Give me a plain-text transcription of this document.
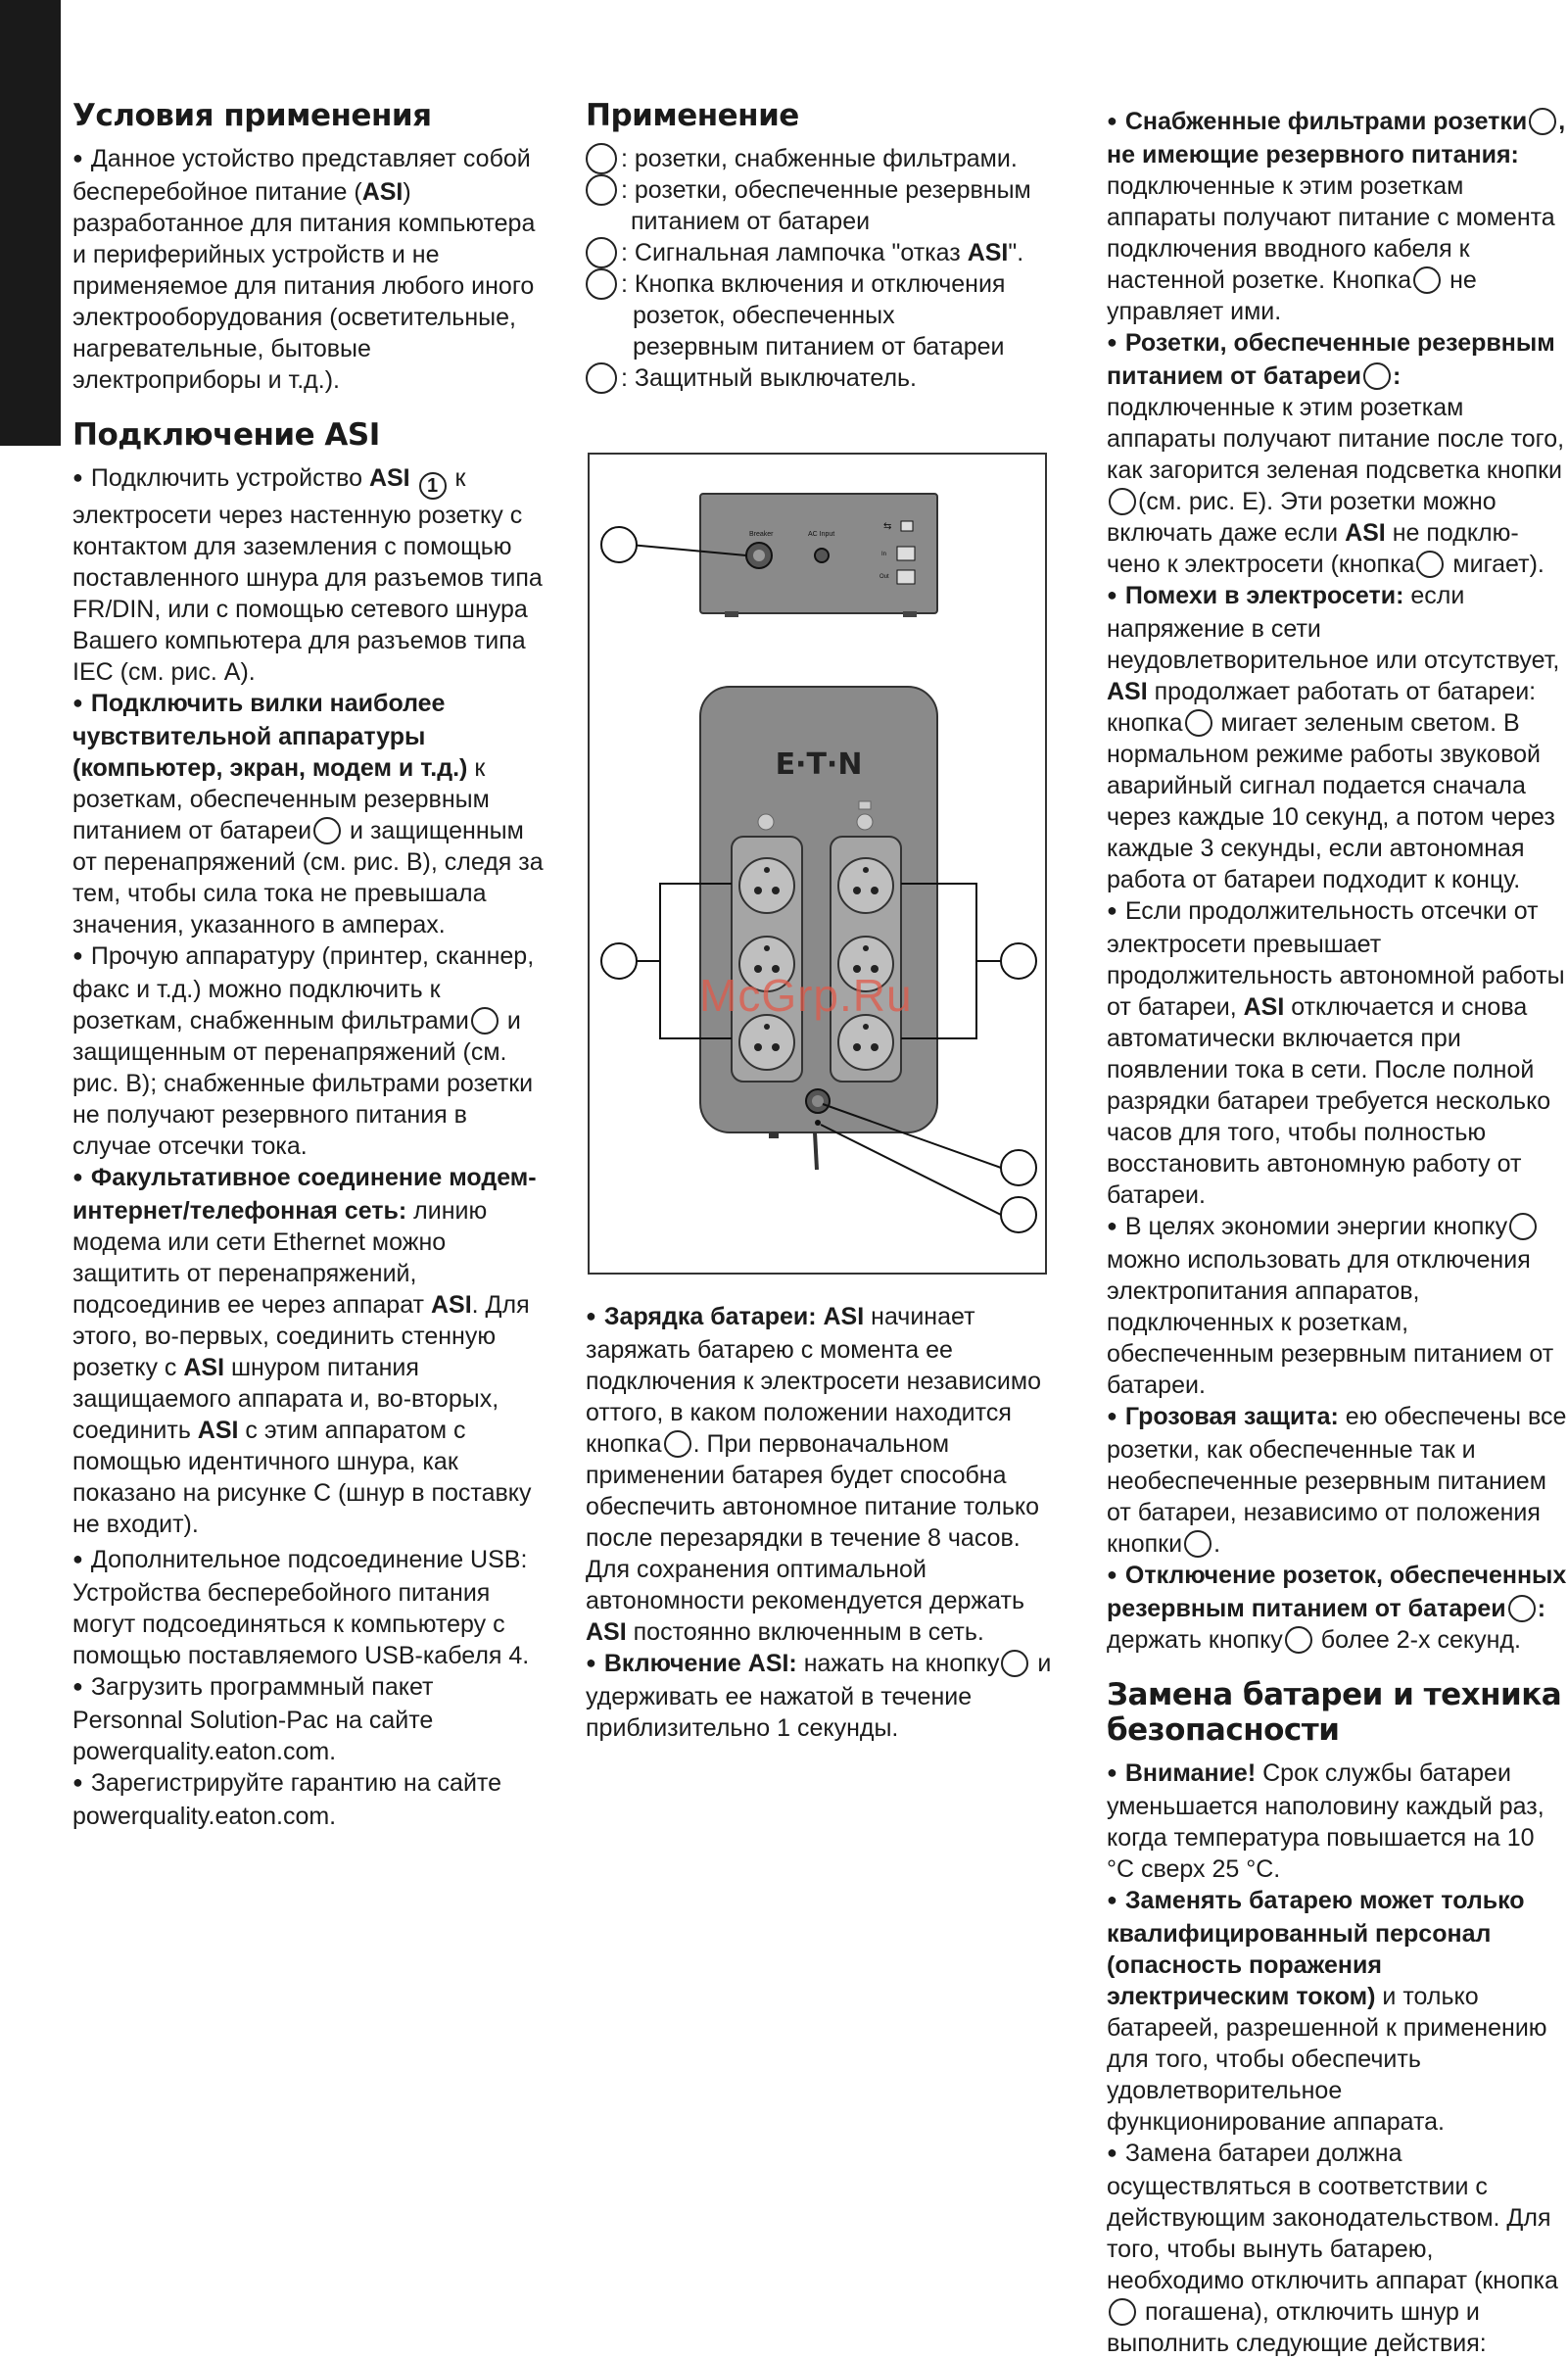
Условия применения

● Данное устойство представляет собой бесперебойное питание (ASI) разработанное для питания компьютера и периферийных устройств и не применяемое для питания любого иного электрооборудования (осветительные, нагревательные, бытовые электроприборы и т.д.).

Подключение ASI

● Подключить устройство ASI 1 к электросети через настенную розетку с контактом для заземления с помощью поставленного шнура для разъемов типа FR/DIN, или с помощью сетевого шнура Вашего компьютера для разъемов типа IEC (см. рис. А).

● Подключить вилки наиболее чувствительной аппаратуры (компьютер, экран, модем и т.д.) к розеткам, обеспеченным резервным питанием от батареи и защищенным от перенапряжений (см. рис. В), следя за тем, чтобы сила тока не превышала значения, указанного в амперах.

● Прочую аппаратуру (принтер, сканнер, факс и т.д.) можно подключить к розеткам, снабженным фильтрами и защищенным от перенапряжений (см. рис. В); снабженные фильтрами розетки не получают резервного питания в случае отсечки тока.

● Факультативное соединение модем-интернет/телефонная сеть: линию модема или сети Ethernet можно защитить от перенапряжений, подсоединив ее через аппарат ASI. Для этого, во-первых, соединить стенную розетку с ASI шнуром питания защищаемого аппарата и, во-вторых, соединить ASI с этим аппаратом с помощью идентичного шнура, как показано на рисунке С (шнур в поставку не входит).

● Дополнительное подсоединение USB: Устройства бесперебойного питания могут подсоединяться к компьютеру с помощью поставляемого USB-кабеля 4.

● Загрузить программный пакет Personnal Solution-Pac на сайте powerquality.eaton.com.

● Зарегистрируйте гарантию на сайте powerquality.eaton.com.

Применение
: розетки, снабженные фильтрами.
: розетки, обеспеченные резервным
питанием от батареи
: Сигнальная лампочка "отказ ASI".
: Кнопка включения и отключения

розеток, обеспеченных резервным питанием от батареи
: Защитный выключатель.
Breaker	AC Input
⇆
In
Out
E·T·N
McGrp.Ru

● Зарядка батареи: ASI начинает заряжать батарею с момента ее подключения к электросети независимо оттого, в каком положении находится кнопка . При первоначальном применении батарея будет способна обеспечить автономное питание только после перезарядки в течение 8 часов. Для сохранения оптимальной автономности рекомендуется держать ASI постоянно включенным в сеть.

● Включение ASI: нажать на кнопку и удерживать ее нажатой в течение приблизительно 1 секунды.

● Снабженные фильтрами розетки , не имеющие резервного питания: подключенные к этим розеткам аппараты получают питание с момента подключения вводного кабеля к настенной розетке. Кнопка не управляет ими.

● Розетки, обеспеченные резервным питанием от батареи : подключенные к этим розеткам аппараты получают питание после того, как загорится зеленая подсветка кнопки(см. рис. Е). Эти розетки можно включать даже если ASI не подклю-чено к электросети (кнопка мигает).

● Помехи в электросети: если напряжение в сети неудовлетворительное или отсутствует, ASI продолжает работать от батареи: кнопка мигает зеленым светом. В нормальном режиме работы звуковой аварийный сигнал подается сначала через каждые 10 секунд, а потом через каждые 3 секунды, если автономная работа от батареи подходит к концу.

● Если продолжительность отсечки от электросети превышает продолжительность автономной работы от батареи, ASI отключается и снова автоматически включается при появлении тока в сети. После полной разрядки батареи требуется несколько часов для того, чтобы полностью восстановить автономную работу от батареи.

● В целях экономии энергии кнопку можно использовать для отключения электропитания аппаратов, подключенных к розеткам, обеспеченным резервным питанием от батареи.

● Грозовая защита: ею обеспечены все розетки, как обеспеченные так и необеспеченные резервным питанием от батареи, независимо от положения кнопки .

● Отключение розеток, обеспеченных резервным питанием от батареи : держать кнопку более 2-х секунд.

Замена батареи и техника безопасности

● Внимание! Срок службы батареи уменьшается наполовину каждый раз, когда температура повышается на 10 °С сверх 25 °С.

● Заменять батарею может только квалифицированный персонал (опасность поражения электрическим током) и только батареей, разрешенной к применению для того, чтобы обеспечить удовлетворительное функционирование аппарата.

● Замена батареи должна осуществляться в соответствии с действующим законодательством. Для того, чтобы вынуть батарею, необходимо отключить аппарат (кнопка погашена), отключить шнур и выполнить следующие действия:
